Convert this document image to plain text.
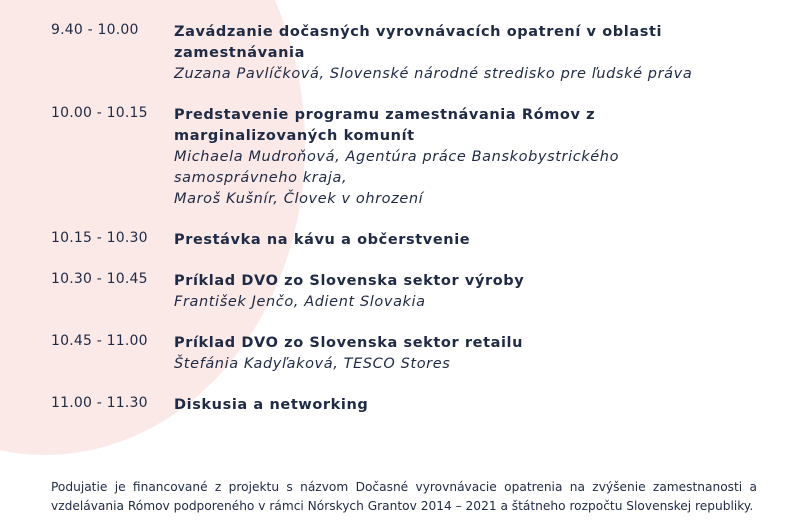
9.40 - 10.00 Zavádzanie dočasných vyrovnávacích opatrení v oblasti
zamestnávania
Zuzana Pavlíčková, Slovenské národné stredisko pre ľudské práva
10.00 - 10.15 Predstavenie programu zamestnávania Rómov z
marginalizovaných komunít
Michaela Mudroňová, Agentúra práce Banskobystrického
samosprávneho kraja,
Maroš Kušnír, Človek v ohrození
10.15 - 10.30 Prestávka na kávu a občerstvenie
10.30 - 10.45 Príklad DVO zo Slovenska sektor výroby
František Jenčo, Adient Slovakia
10.45 - 11.00 Príklad DVO zo Slovenska sektor retailu
Štefánia Kadyľaková, TESCO Stores
11.00 - 11.30 Diskusia a networking
Podujatie je financované z projektu s názvom Dočasné vyrovnávacie opatrenia na zvýšenie zamestnanosti a vzdelávania Rómov podporeného v rámci Nórskych Grantov 2014 – 2021 a štátneho rozpočtu Slovenskej republiky.
